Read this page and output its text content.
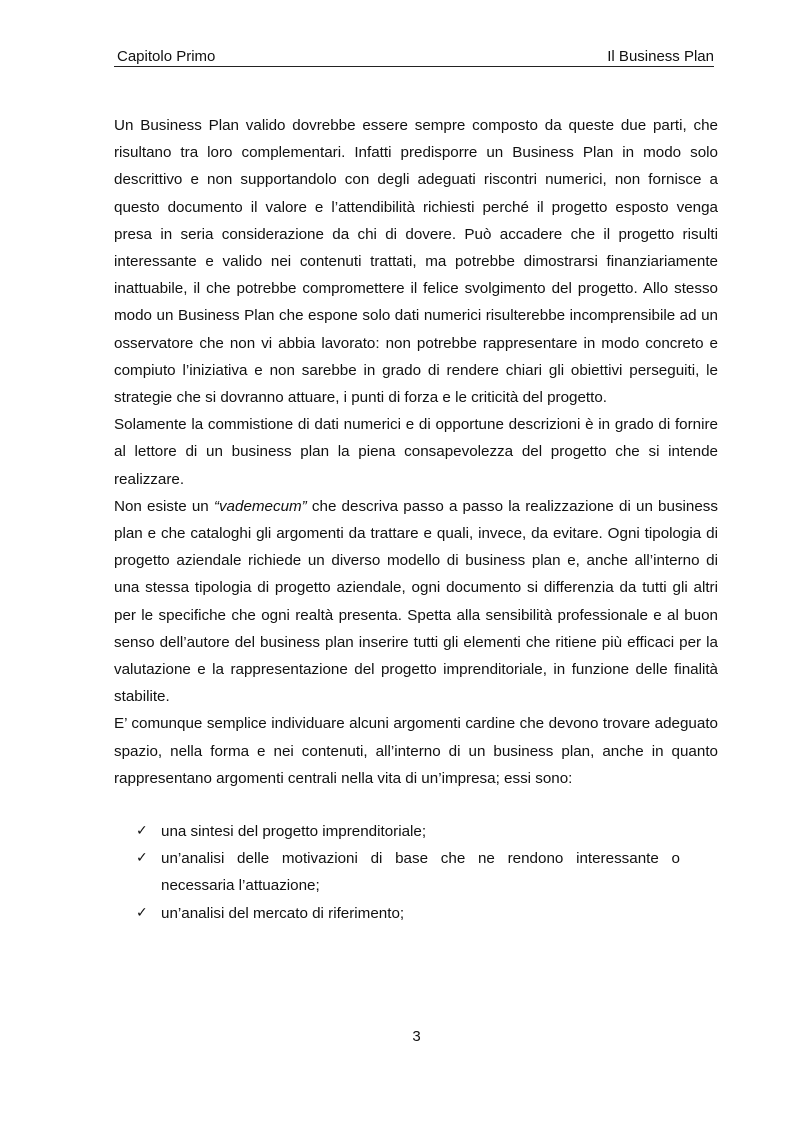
Capitolo Primo	Il Business Plan

Un Business Plan valido dovrebbe essere sempre composto da queste due parti, che risultano tra loro complementari. Infatti predisporre un Business Plan in modo solo descrittivo e non supportandolo con degli adeguati riscontri numerici, non fornisce a questo documento il valore e l’attendibilità richiesti perché il progetto esposto venga presa in seria considerazione da chi di dovere. Può accadere che il progetto risulti interessante e valido nei contenuti trattati, ma potrebbe dimostrarsi finanziariamente inattuabile, il che potrebbe compromettere il felice svolgimento del progetto. Allo stesso modo un Business Plan che espone solo dati numerici risulterebbe incomprensibile ad un osservatore che non vi abbia lavorato: non potrebbe rappresentare in modo concreto e compiuto l’iniziativa e non sarebbe in grado di rendere chiari gli obiettivi perseguiti, le strategie che si dovranno attuare, i punti di forza e le criticità del progetto.

Solamente la commistione di dati numerici e di opportune descrizioni è in grado di fornire al lettore di un business plan la piena consapevolezza del progetto che si intende realizzare.

Non esiste un “vademecum” che descriva passo a passo la realizzazione di un business plan e che cataloghi gli argomenti da trattare e quali, invece, da evitare. Ogni tipologia di progetto aziendale richiede un diverso modello di business plan e, anche all’interno di una stessa tipologia di progetto aziendale, ogni documento si differenzia da tutti gli altri per le specifiche che ogni realtà presenta. Spetta alla sensibilità professionale e al buon senso dell’autore del business plan inserire tutti gli elementi che ritiene più efficaci per la valutazione e la rappresentazione del progetto imprenditoriale, in funzione delle finalità stabilite.

E’ comunque semplice individuare alcuni argomenti cardine che devono trovare adeguato spazio, nella forma e nei contenuti, all’interno di un business plan, anche in quanto rappresentano argomenti centrali nella vita di un’impresa; essi sono:

✓ una sintesi del progetto imprenditoriale;
✓ un’analisi delle motivazioni di base che ne rendono interessante o necessaria l’attuazione;
✓ un’analisi del mercato di riferimento;
3
